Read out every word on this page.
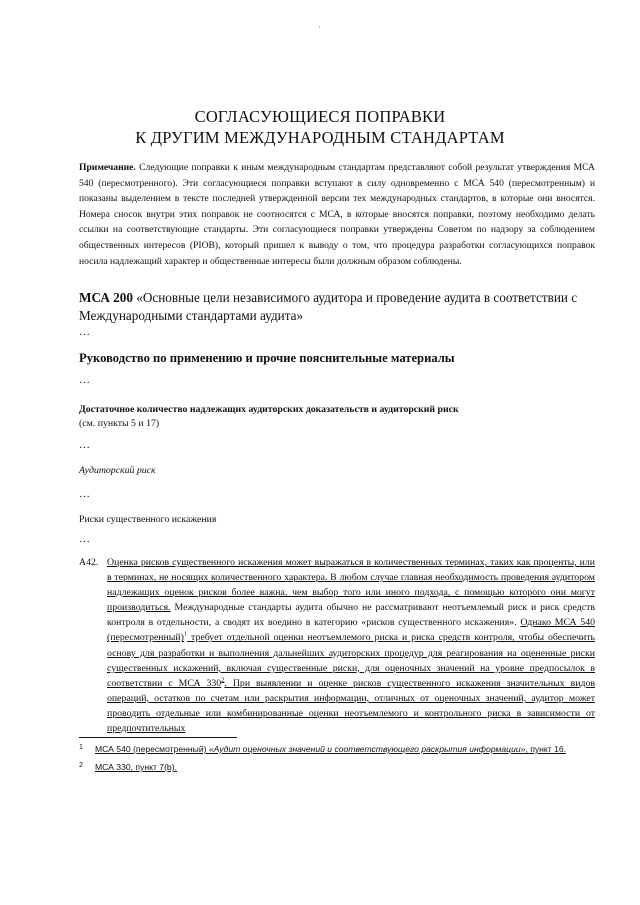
·
СОГЛАСУЮЩИЕСЯ ПОПРАВКИ
К ДРУГИМ МЕЖДУНАРОДНЫМ СТАНДАРТАМ
Примечание. Следующие поправки к иным международным стандартам представляют собой результат утверждения МСА 540 (пересмотренного). Эти согласующиеся поправки вступают в силу одновременно с МСА 540 (пересмотренным) и показаны выделением в тексте последней утвержденной версии тех международных стандартов, в которые они вносятся. Номера сносок внутри этих поправок не соотносятся с МСА, в которые вносятся поправки, поэтому необходимо делать ссылки на соответствующие стандарты. Эти согласующиеся поправки утверждены Советом по надзору за соблюдением общественных интересов (PIOB), который пришел к выводу о том, что процедура разработки согласующихся поправок носила надлежащий характер и общественные интересы были должным образом соблюдены.
МСА 200 «Основные цели независимого аудитора и проведение аудита в соответствии с Международными стандартами аудита»
…
Руководство по применению и прочие пояснительные материалы
…
Достаточное количество надлежащих аудиторских доказательств и аудиторский риск
(см. пункты 5 и 17)
…
Аудиторский риск
…
Риски существенного искажения
…
A42. Оценка рисков существенного искажения может выражаться в количественных терминах, таких как проценты, или в терминах, не носящих количественного характера. В любом случае главная необходимость проведения аудитором надлежащих оценок рисков более важна, чем выбор того или иного подхода, с помощью которого они могут производиться. Международные стандарты аудита обычно не рассматривают неотъемлемый риск и риск средств контроля в отдельности, а сводят их воедино в категорию «рисков существенного искажения». Однако МСА 540 (пересмотренный)$^1$ требует отдельной оценки неотъемлемого риска и риска средств контроля, чтобы обеспечить основу для разработки и выполнения дальнейших аудиторских процедур для реагирования на оцененные риски существенных искажений, включая существенные риски, для оценочных значений на уровне предпосылок в соответствии с МСА $330^2$. При выявлении и оценке рисков существенного искажения значительных видов операций, остатков по счетам или раскрытия информации, отличных от оценочных значений, аудитор может проводить отдельные или комбинированные оценки неотъемлемого и контрольного риска в зависимости от предпочтительных
1 МСА 540 (пересмотренный) «Аудит оценочных значений и соответствующего раскрытия информации», пункт 16.
2 МСА 330, пункт 7(b).
